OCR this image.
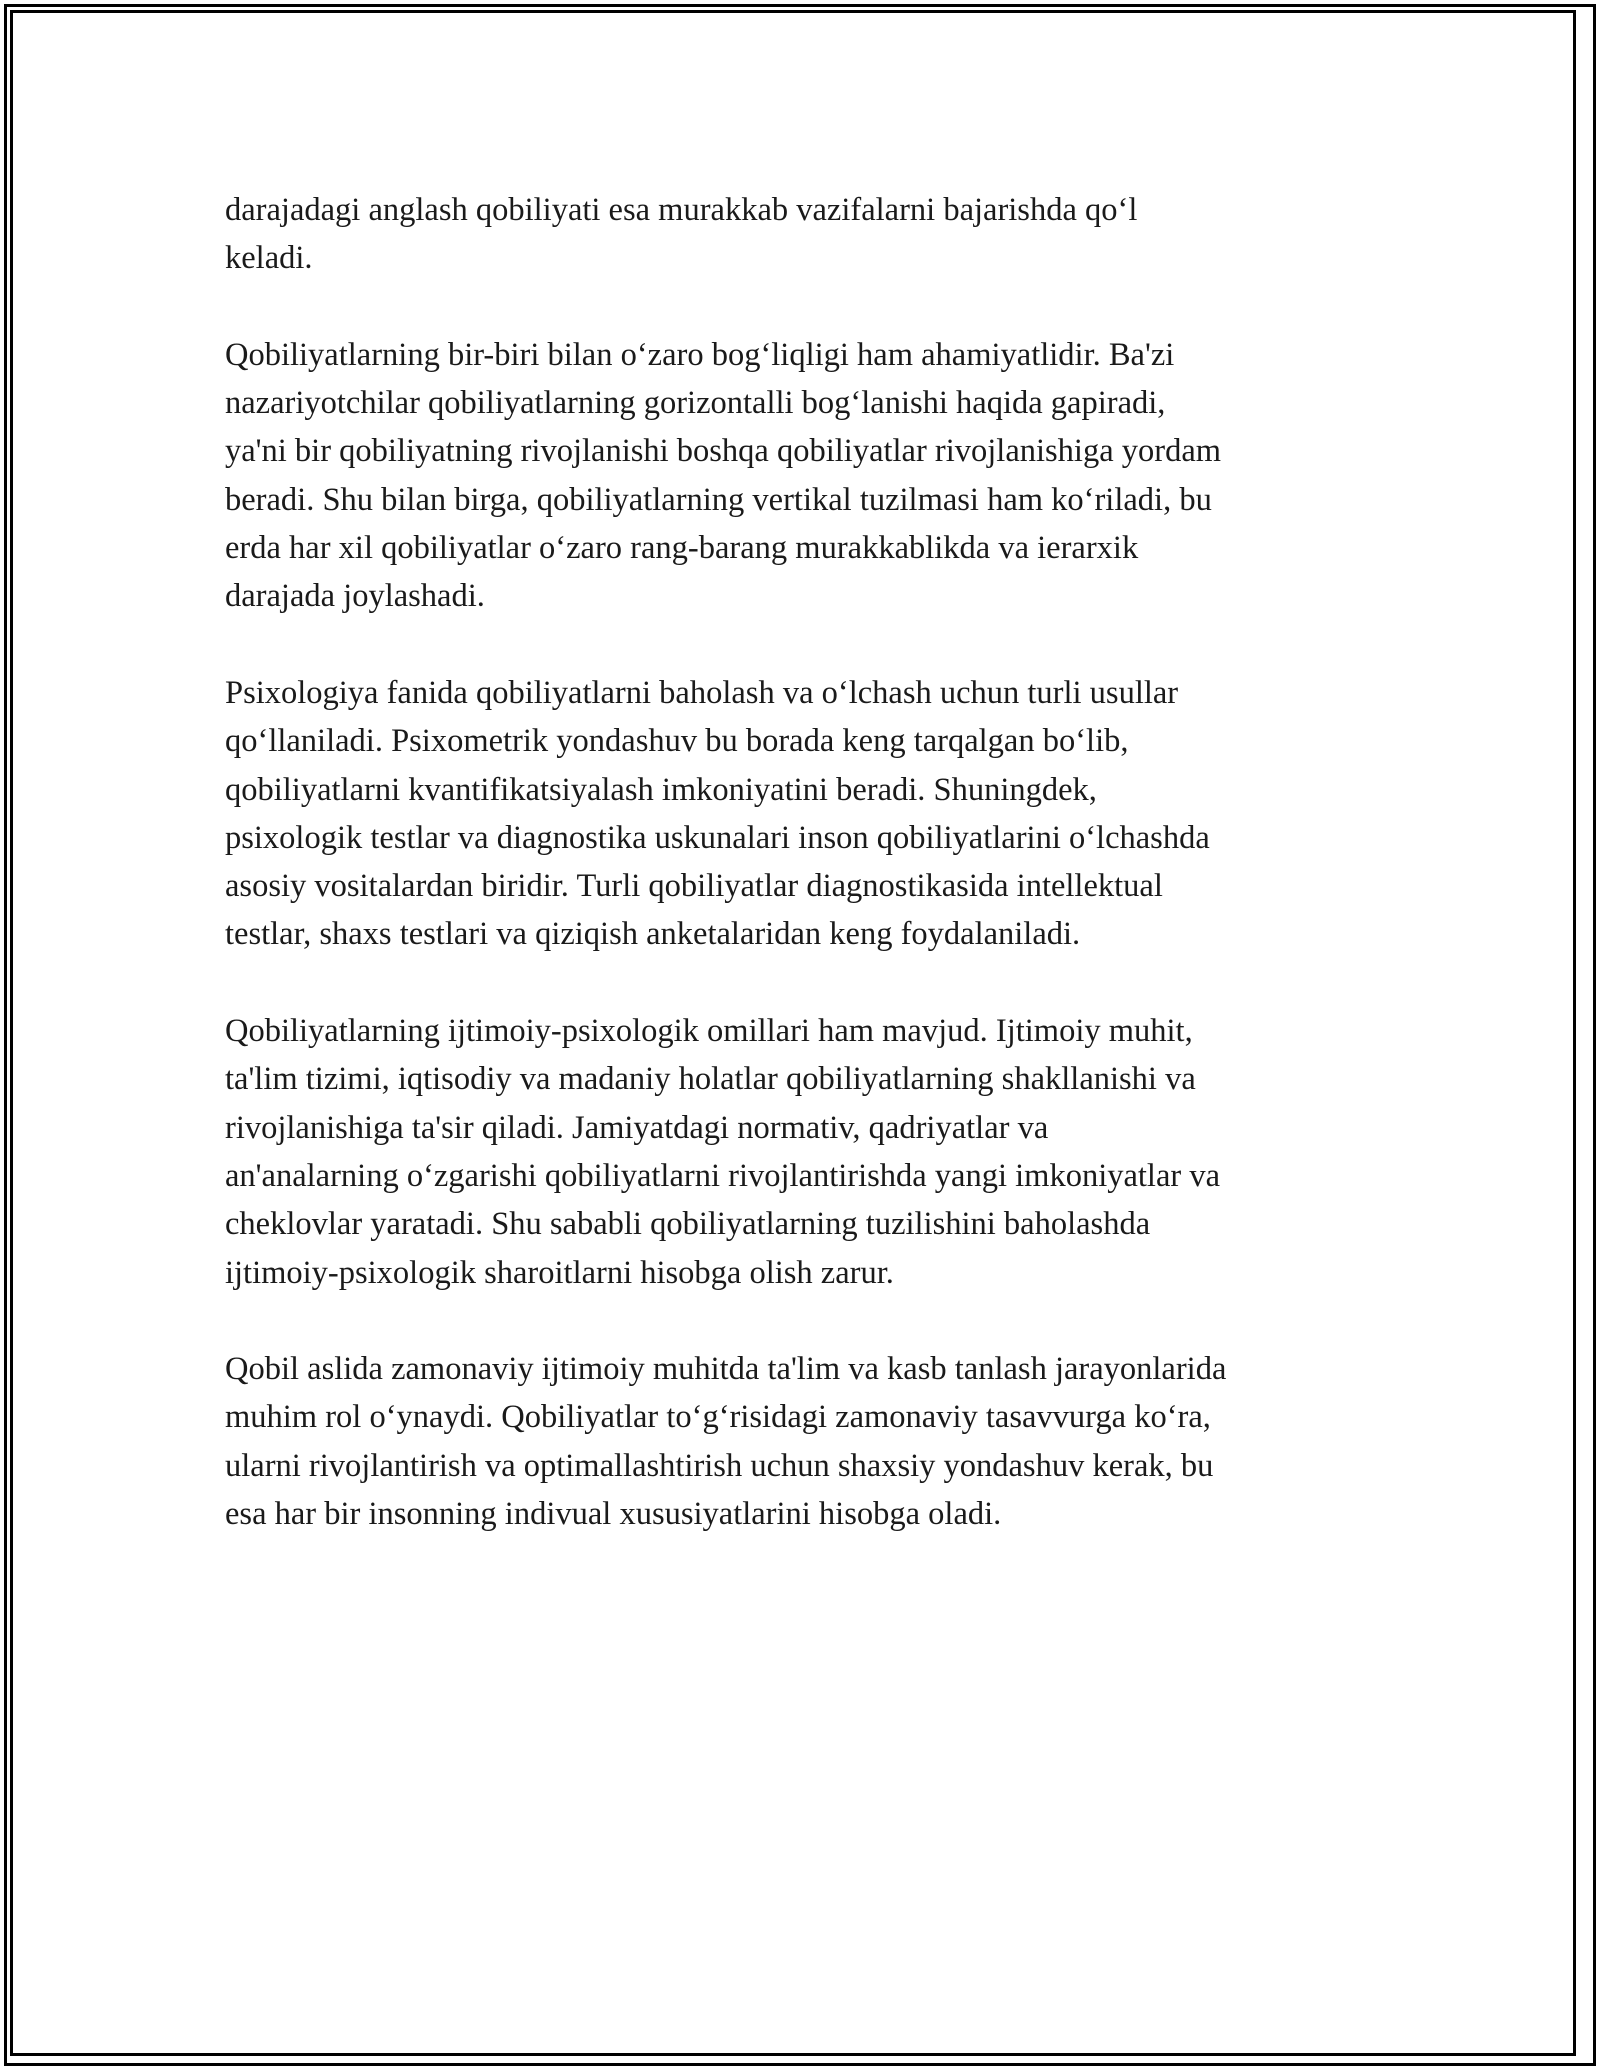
darajadagi anglash qobiliyati esa murakkab vazifalarni bajarishda qo‘l
keladi.

Qobiliyatlarning bir-biri bilan o‘zaro bog‘liqligi ham ahamiyatlidir. Ba'zi
nazariyotchilar qobiliyatlarning gorizontalli bog‘lanishi haqida gapiradi,
ya'ni bir qobiliyatning rivojlanishi boshqa qobiliyatlar rivojlanishiga yordam
beradi. Shu bilan birga, qobiliyatlarning vertikal tuzilmasi ham ko‘riladi, bu
erda har xil qobiliyatlar o‘zaro rang-barang murakkablikda va ierarxik
darajada joylashadi.

Psixologiya fanida qobiliyatlarni baholash va o‘lchash uchun turli usullar
qo‘llaniladi. Psixometrik yondashuv bu borada keng tarqalgan bo‘lib,
qobiliyatlarni kvantifikatsiyalash imkoniyatini beradi. Shuningdek,
psixologik testlar va diagnostika uskunalari inson qobiliyatlarini o‘lchashda
asosiy vositalardan biridir. Turli qobiliyatlar diagnostikasida intellektual
testlar, shaxs testlari va qiziqish anketalaridan keng foydalaniladi.

Qobiliyatlarning ijtimoiy-psixologik omillari ham mavjud. Ijtimoiy muhit,
ta'lim tizimi, iqtisodiy va madaniy holatlar qobiliyatlarning shakllanishi va
rivojlanishiga ta'sir qiladi. Jamiyatdagi normativ, qadriyatlar va
an'analarning o‘zgarishi qobiliyatlarni rivojlantirishda yangi imkoniyatlar va
cheklovlar yaratadi. Shu sababli qobiliyatlarning tuzilishini baholashda
ijtimoiy-psixologik sharoitlarni hisobga olish zarur.

Qobil aslida zamonaviy ijtimoiy muhitda ta'lim va kasb tanlash jarayonlarida
muhim rol o‘ynaydi. Qobiliyatlar to‘g‘risidagi zamonaviy tasavvurga ko‘ra,
ularni rivojlantirish va optimallashtirish uchun shaxsiy yondashuv kerak, bu
esa har bir insonning indivual xususiyatlarini hisobga oladi.
